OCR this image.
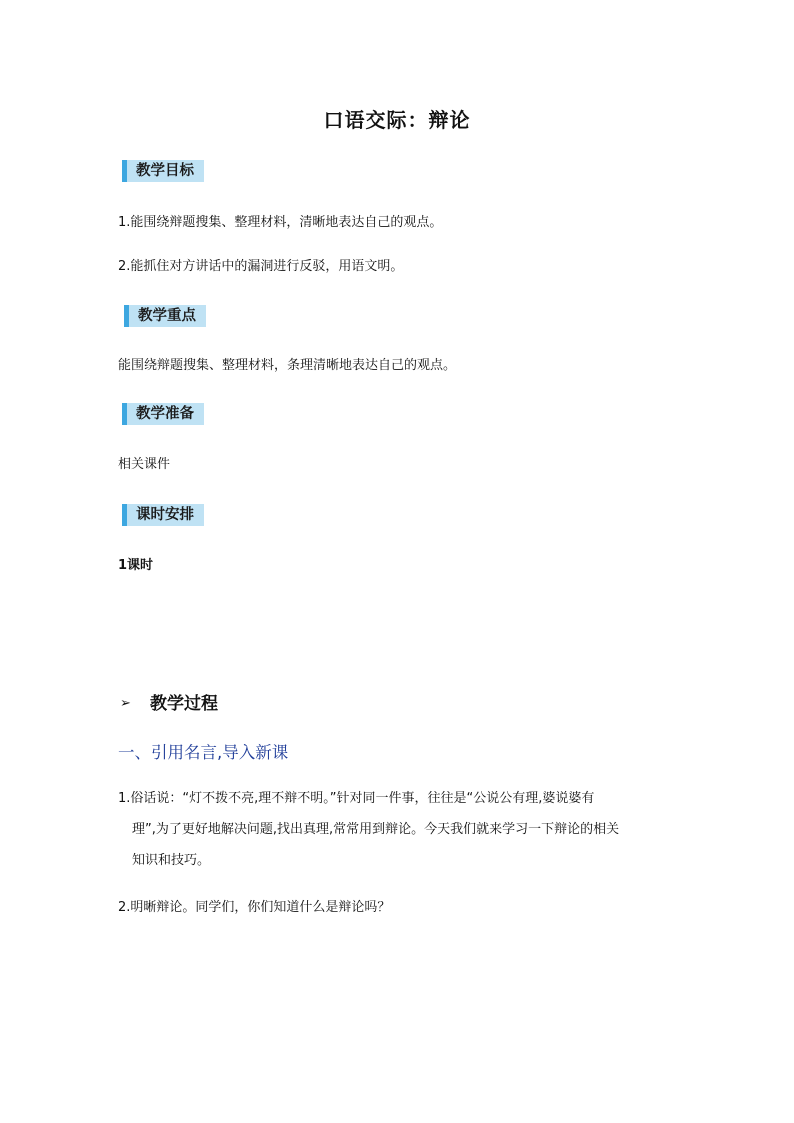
口语交际：辩论
教学目标
1.能围绕辩题搜集、整理材料，清晰地表达自己的观点。
2.能抓住对方讲话中的漏洞进行反驳，用语文明。
教学重点
能围绕辩题搜集、整理材料，条理清晰地表达自己的观点。
教学准备
相关课件
课时安排
1课时
➢ 教学过程
一、引用名言,导入新课

1.俗话说：“灯不拨不亮,理不辩不明。”针对同一件事，往往是“公说公有理,婆说婆有

理”,为了更好地解决问题,找出真理,常常用到辩论。今天我们就来学习一下辩论的相关

知识和技巧。

2.明晰辩论。同学们，你们知道什么是辩论吗？
